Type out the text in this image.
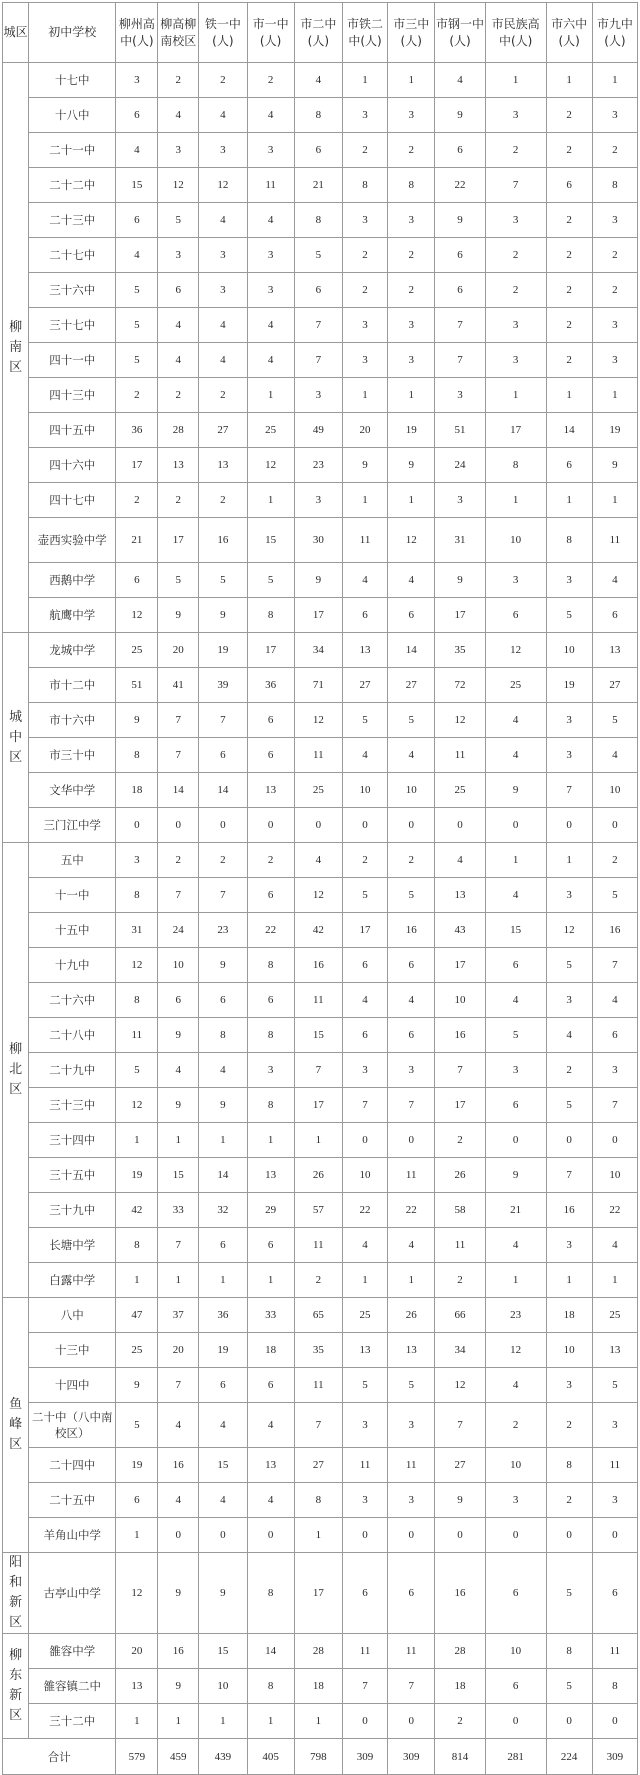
城区	初中学校	柳州高中(人)	柳高柳南校区	铁一中(人)	市一中(人)	市二中(人)	市铁二中(人)	市三中(人)	市钢一中(人)	市民族高中(人)	市六中(人)	市九中(人)
柳南区	十七中	3	2	2	2	4	1	1	4	1	1	1

	十八中	6	4	4	4	8	3	3	9	3	2	3

	二十一中	4	3	3	3	6	2	2	6	2	2	2

	二十二中	15	12	12	11	21	8	8	22	7	6	8

	二十三中	6	5	4	4	8	3	3	9	3	2	3

	二十七中	4	3	3	3	5	2	2	6	2	2	2

	三十六中	5	6	3	3	6	2	2	6	2	2	2

	三十七中	5	4	4	4	7	3	3	7	3	2	3

	四十一中	5	4	4	4	7	3	3	7	3	2	3

	四十三中	2	2	2	1	3	1	1	3	1	1	1

	四十五中	36	28	27	25	49	20	19	51	17	14	19

	四十六中	17	13	13	12	23	9	9	24	8	6	9

	四十七中	2	2	2	1	3	1	1	3	1	1	1

	壶西实验中学	21	17	16	15	30	11	12	31	10	8	11

	西鹅中学	6	5	5	5	9	4	4	9	3	3	4

	航鹰中学	12	9	9	8	17	6	6	17	6	5	6
城中区	龙城中学	25	20	19	17	34	13	14	35	12	10	13

	市十二中	51	41	39	36	71	27	27	72	25	19	27

	市十六中	9	7	7	6	12	5	5	12	4	3	5

	市三十中	8	7	6	6	11	4	4	11	4	3	4

	文华中学	18	14	14	13	25	10	10	25	9	7	10

	三门江中学	0	0	0	0	0	0	0	0	0	0	0
柳北区	五中	3	2	2	2	4	2	2	4	1	1	2

	十一中	8	7	7	6	12	5	5	13	4	3	5

	十五中	31	24	23	22	42	17	16	43	15	12	16

	十九中	12	10	9	8	16	6	6	17	6	5	7

	二十六中	8	6	6	6	11	4	4	10	4	3	4

	二十八中	11	9	8	8	15	6	6	16	5	4	6

	二十九中	5	4	4	3	7	3	3	7	3	2	3

	三十三中	12	9	9	8	17	7	7	17	6	5	7

	三十四中	1	1	1	1	1	0	0	2	0	0	0

	三十五中	19	15	14	13	26	10	11	26	9	7	10

	三十九中	42	33	32	29	57	22	22	58	21	16	22

	长塘中学	8	7	6	6	11	4	4	11	4	3	4

	白露中学	1	1	1	1	2	1	1	2	1	1	1
鱼峰区	八中	47	37	36	33	65	25	26	66	23	18	25

	十三中	25	20	19	18	35	13	13	34	12	10	13

	十四中	9	7	6	6	11	5	5	12	4	3	5

	二十中（八中南校区）	5	4	4	4	7	3	3	7	2	2	3

	二十四中	19	16	15	13	27	11	11	27	10	8	11

	二十五中	6	4	4	4	8	3	3	9	3	2	3

	羊角山中学	1	0	0	0	1	0	0	0	0	0	0
阳和新区	古亭山中学	12	9	9	8	17	6	6	16	6	5	6
柳东新区	雒容中学	20	16	15	14	28	11	11	28	10	8	11

	雒容镇二中	13	9	10	8	18	7	7	18	6	5	8

	三十二中	1	1	1	1	1	0	0	2	0	0	0
合计		579	459	439	405	798	309	309	814	281	224	309
